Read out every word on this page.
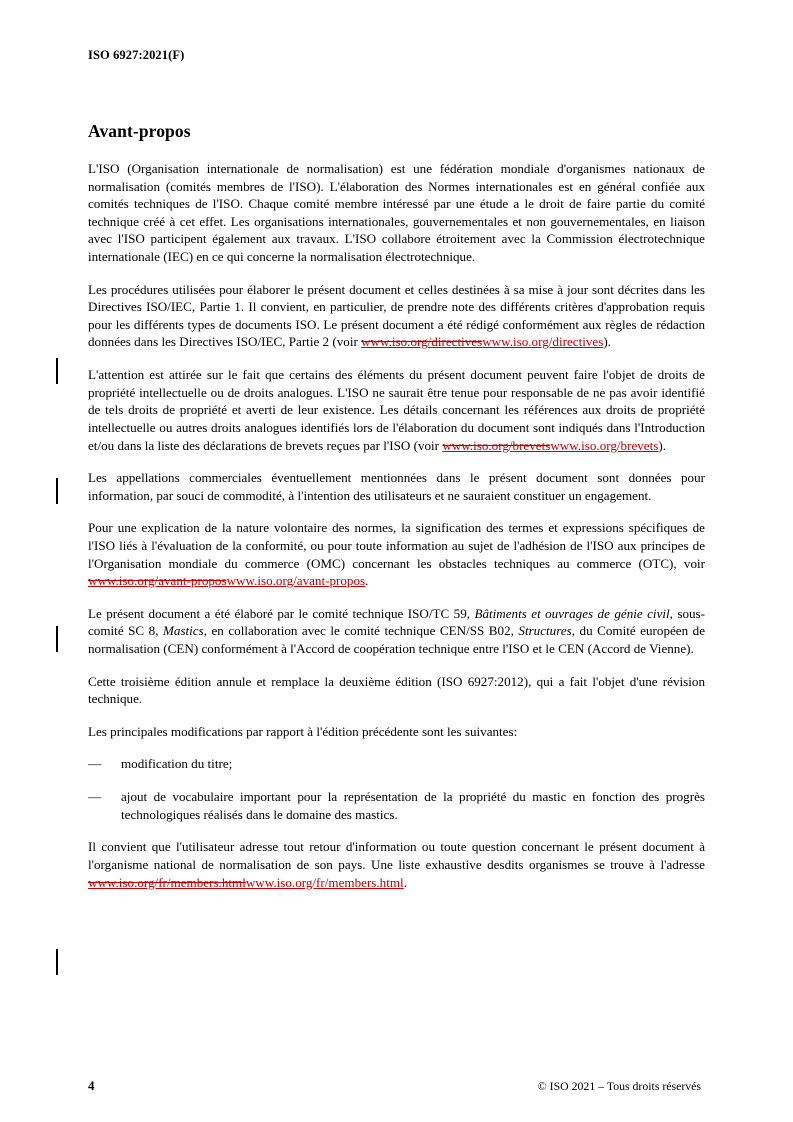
ISO 6927:2021(F)
Avant-propos

L'ISO (Organisation internationale de normalisation) est une fédération mondiale d'organismes nationaux de normalisation (comités membres de l'ISO). L'élaboration des Normes internationales est en général confiée aux comités techniques de l'ISO. Chaque comité membre intéressé par une étude a le droit de faire partie du comité technique créé à cet effet. Les organisations internationales, gouvernementales et non gouvernementales, en liaison avec l'ISO participent également aux travaux. L'ISO collabore étroitement avec la Commission électrotechnique internationale (IEC) en ce qui concerne la normalisation électrotechnique.

Les procédures utilisées pour élaborer le présent document et celles destinées à sa mise à jour sont décrites dans les Directives ISO/IEC, Partie 1. Il convient, en particulier, de prendre note des différents critères d'approbation requis pour les différents types de documents ISO. Le présent document a été rédigé conformément aux règles de rédaction données dans les Directives ISO/IEC, Partie 2 (voir www.iso.org/directiveswww.iso.org/directives).

L'attention est attirée sur le fait que certains des éléments du présent document peuvent faire l'objet de droits de propriété intellectuelle ou de droits analogues. L'ISO ne saurait être tenue pour responsable de ne pas avoir identifié de tels droits de propriété et averti de leur existence. Les détails concernant les références aux droits de propriété intellectuelle ou autres droits analogues identifiés lors de l'élaboration du document sont indiqués dans l'Introduction et/ou dans la liste des déclarations de brevets reçues par l'ISO (voir www.iso.org/brevetswww.iso.org/brevets).

Les appellations commerciales éventuellement mentionnées dans le présent document sont données pour information, par souci de commodité, à l'intention des utilisateurs et ne sauraient constituer un engagement.

Pour une explication de la nature volontaire des normes, la signification des termes et expressions spécifiques de l'ISO liés à l'évaluation de la conformité, ou pour toute information au sujet de l'adhésion de l'ISO aux principes de l'Organisation mondiale du commerce (OMC) concernant les obstacles techniques au commerce (OTC), voir www.iso.org/avant-proposwww.iso.org/avant-propos.

Le présent document a été élaboré par le comité technique ISO/TC 59, Bâtiments et ouvrages de génie civil, sous-comité SC 8, Mastics, en collaboration avec le comité technique CEN/SS B02, Structures, du Comité européen de normalisation (CEN) conformément à l'Accord de coopération technique entre l'ISO et le CEN (Accord de Vienne).

Cette troisième édition annule et remplace la deuxième édition (ISO 6927:2012), qui a fait l'objet d'une révision technique.

Les principales modifications par rapport à l'édition précédente sont les suivantes:

— modification du titre;
— ajout de vocabulaire important pour la représentation de la propriété du mastic en fonction des progrès technologiques réalisés dans le domaine des mastics.

Il convient que l'utilisateur adresse tout retour d'information ou toute question concernant le présent document à l'organisme national de normalisation de son pays. Une liste exhaustive desdits organismes se trouve à l'adresse www.iso.org/fr/members.htmlwww.iso.org/fr/members.html.

4	© ISO 2021 – Tous droits réservés
